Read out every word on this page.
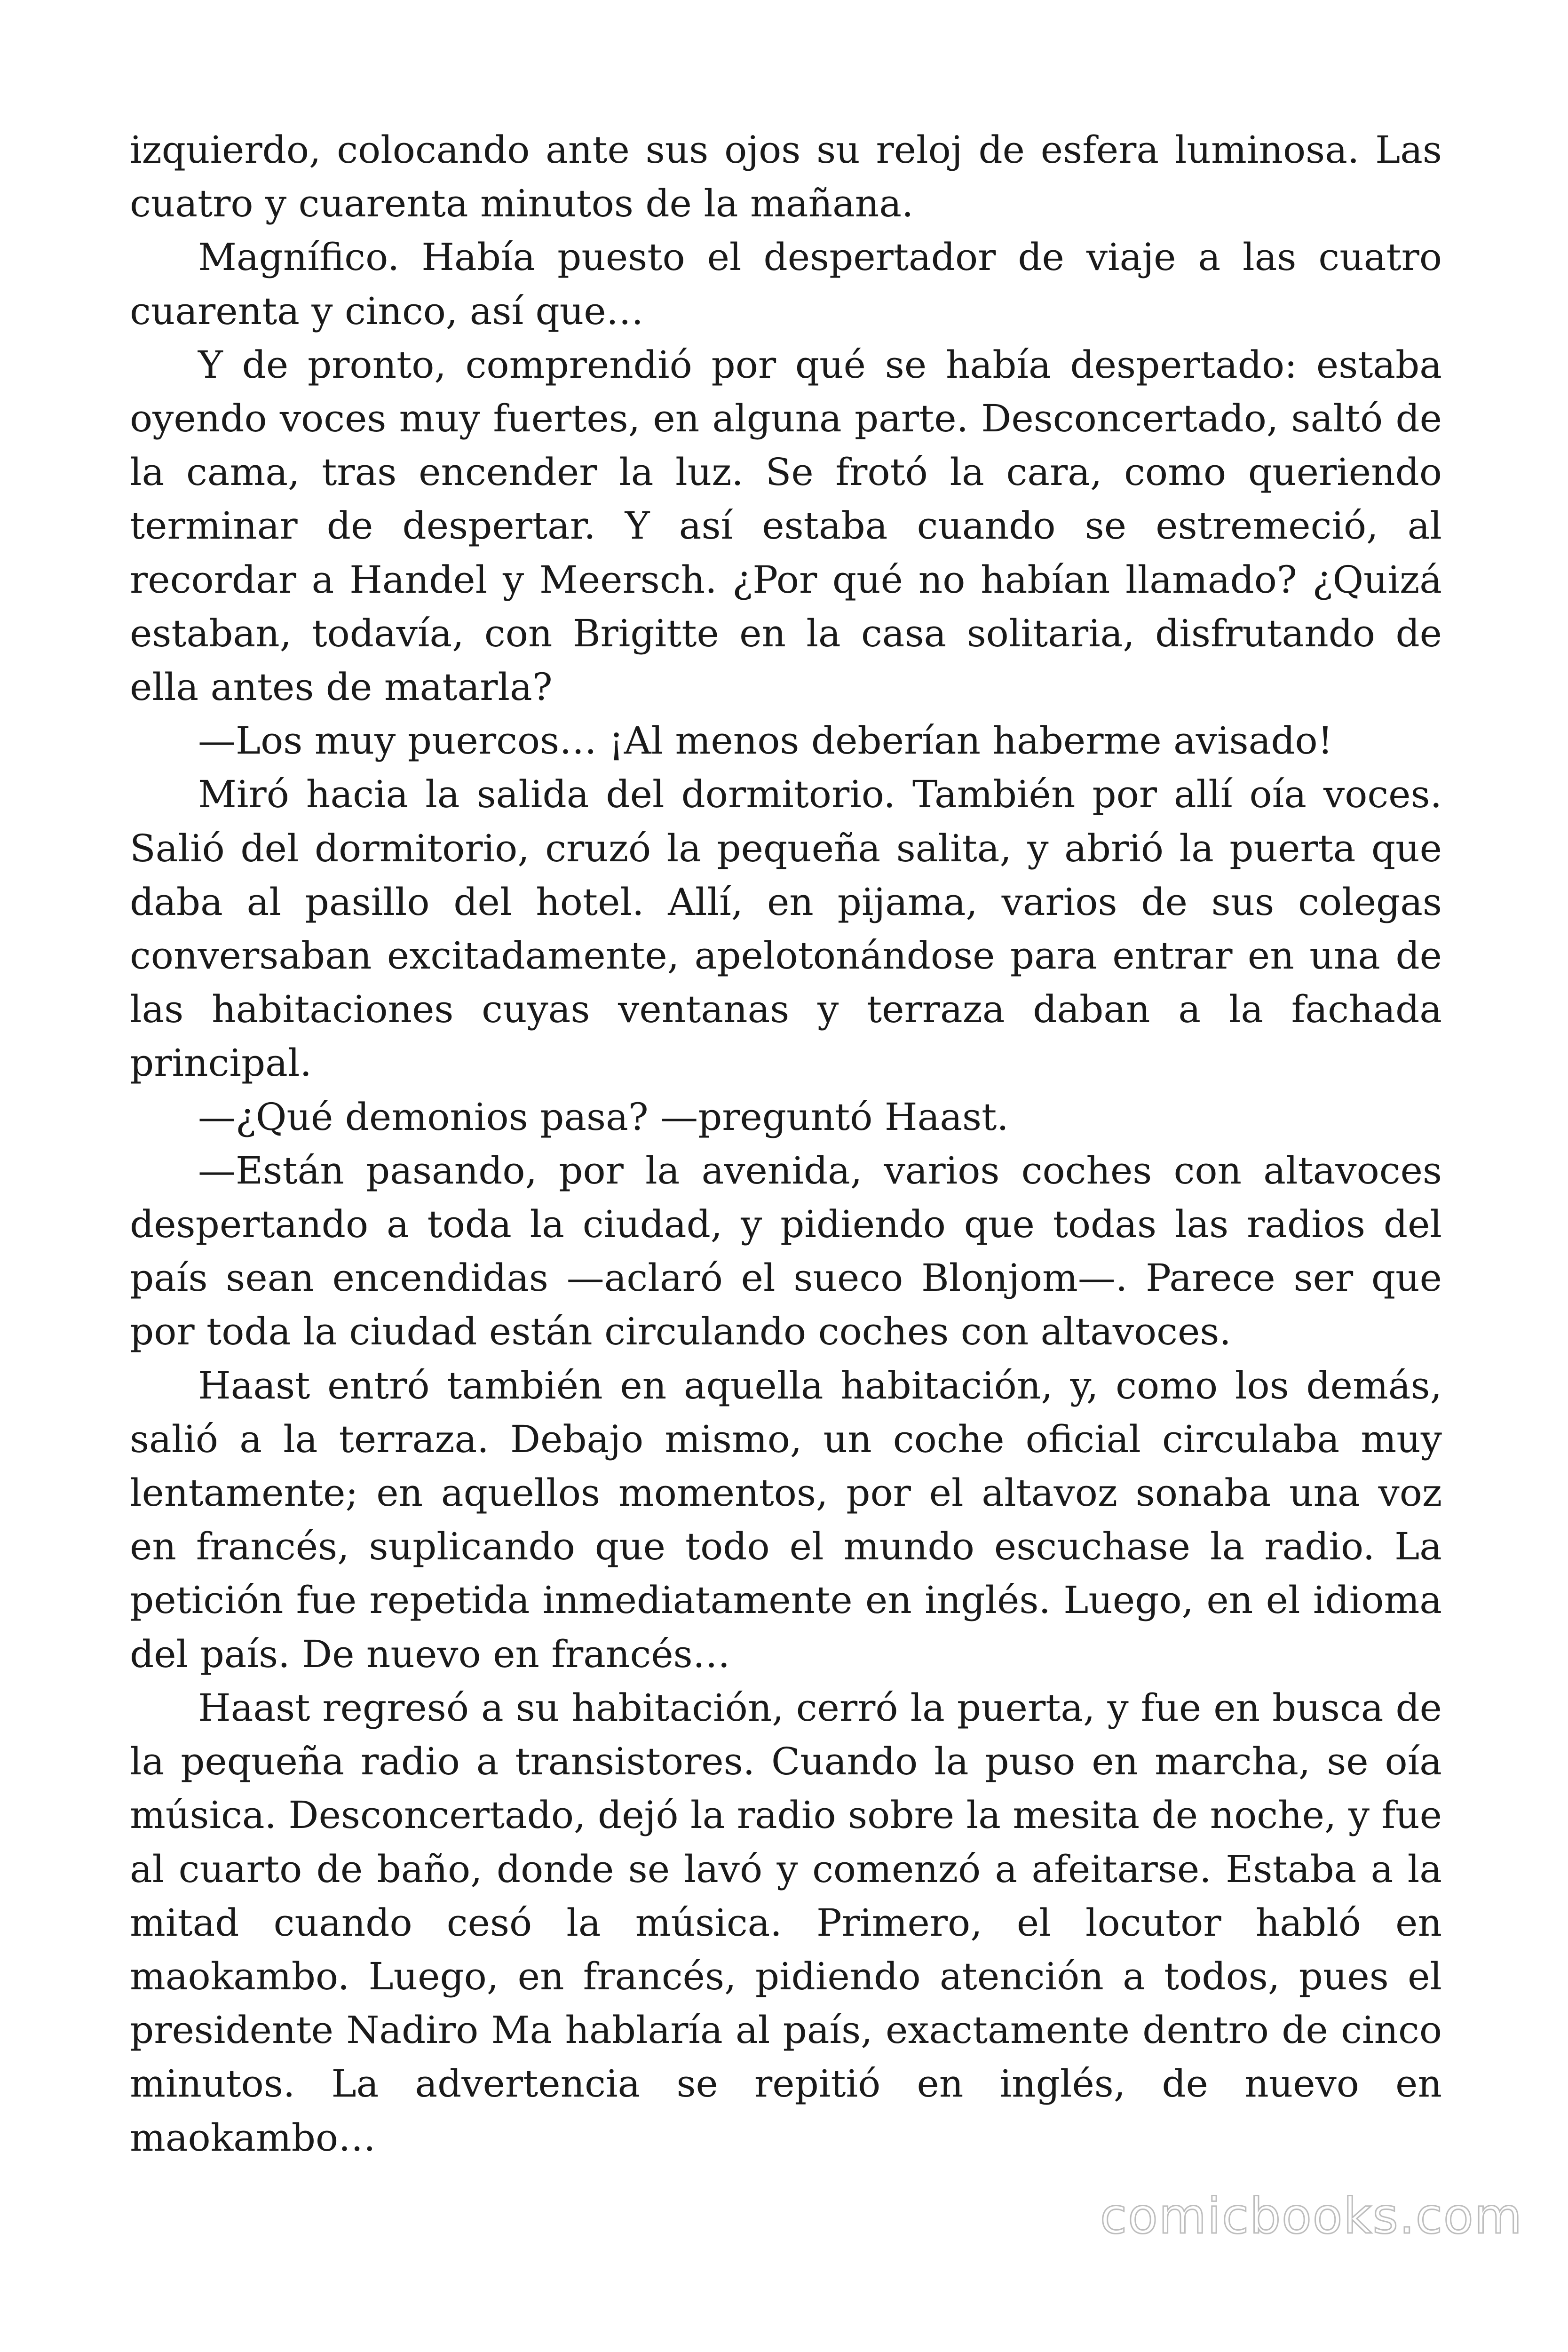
izquierdo, colocando ante sus ojos su reloj de esfera luminosa. Las cuatro y cuarenta minutos de la mañana.

Magnífico. Había puesto el despertador de viaje a las cuatro cuarenta y cinco, así que…

Y de pronto, comprendió por qué se había despertado: estaba oyendo voces muy fuertes, en alguna parte. Desconcertado, saltó de la cama, tras encender la luz. Se frotó la cara, como queriendo terminar de despertar. Y así estaba cuando se estremeció, al recordar a Handel y Meersch. ¿Por qué no habían llamado? ¿Quizá estaban, todavía, con Brigitte en la casa solitaria, disfrutando de ella antes de matarla?

—Los muy puercos… ¡Al menos deberían haberme avisado!

Miró hacia la salida del dormitorio. También por allí oía voces. Salió del dormitorio, cruzó la pequeña salita, y abrió la puerta que daba al pasillo del hotel. Allí, en pijama, varios de sus colegas conversaban excitadamente, apelotonándose para entrar en una de las habitaciones cuyas ventanas y terraza daban a la fachada principal.

—¿Qué demonios pasa? —preguntó Haast.

—Están pasando, por la avenida, varios coches con altavoces despertando a toda la ciudad, y pidiendo que todas las radios del país sean encendidas —aclaró el sueco Blonjom—. Parece ser que por toda la ciudad están circulando coches con altavoces.

Haast entró también en aquella habitación, y, como los demás, salió a la terraza. Debajo mismo, un coche oficial circulaba muy lentamente; en aquellos momentos, por el altavoz sonaba una voz en francés, suplicando que todo el mundo escuchase la radio. La petición fue repetida inmediatamente en inglés. Luego, en el idioma del país. De nuevo en francés…

Haast regresó a su habitación, cerró la puerta, y fue en busca de la pequeña radio a transistores. Cuando la puso en marcha, se oía música. Desconcertado, dejó la radio sobre la mesita de noche, y fue al cuarto de baño, donde se lavó y comenzó a afeitarse. Estaba a la mitad cuando cesó la música. Primero, el locutor habló en maokambo. Luego, en francés, pidiendo atención a todos, pues el presidente Nadiro Ma hablaría al país, exactamente dentro de cinco minutos. La advertencia se repitió en inglés, de nuevo en maokambo…

comicbooks.com
